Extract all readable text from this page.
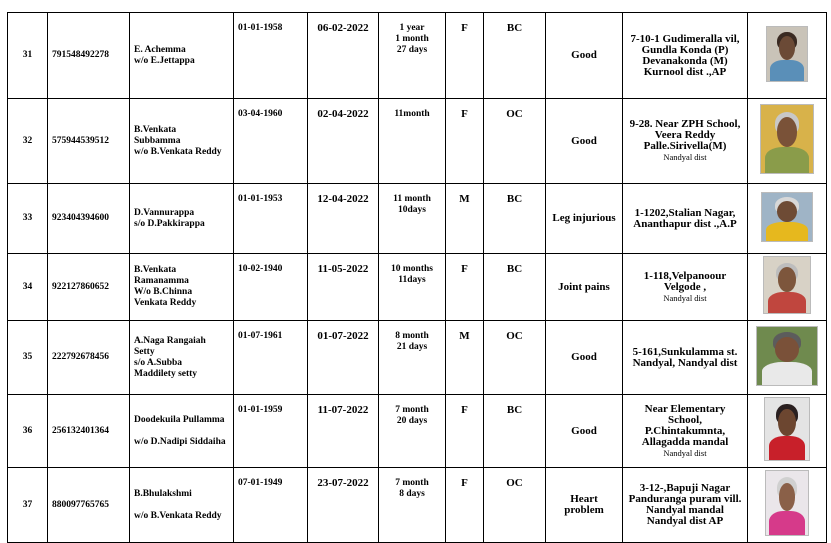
31	791548492278	E. Achemma
w/o E.Jettappa	01-01-1958	06-02-2022	1 year
1 month
27 days	F	BC	Good	7-10-1 Gudimeralla vil,
Gundla Konda (P)
Devanakonda (M)
Kurnool dist .,AP	

32	575944539512	B.Venkata
Subbamma
w/o B.Venkata Reddy	03-04-1960	02-04-2022	11month	F	OC	Good	9-28. Near ZPH School,
Veera Reddy
Palle.Sirivella(M)
Nandyal dist	

33	923404394600	D.Vannurappa
s/o D.Pakkirappa	01-01-1953	12-04-2022	11 month
10days	M	BC	Leg injurious	1-1202,Stalian Nagar,
Ananthapur dist .,A.P	

34	922127860652	B.Venkata
Ramanamma
W/o B.Chinna
Venkata Reddy	10-02-1940	11-05-2022	10 months
11days	F	BC	Joint pains	1-118,Velpanoour
Velgode ,
Nandyal dist	

35	222792678456	A.Naga Rangaiah
Setty
s/o A.Subba
Maddilety setty	01-07-1961	01-07-2022	8 month
21 days	M	OC	Good	5-161,Sunkulamma st.
Nandyal, Nandyal dist	

36	256132401364	Doodekuila Pullamma

w/o D.Nadipi Siddaiha	01-01-1959	11-07-2022	7 month
20 days	F	BC	Good	Near Elementary School,
P.Chintakumnta,
Allagadda mandal
Nandyal dist	

37	880097765765	B.Bhulakshmi

w/o B.Venkata Reddy	07-01-1949	23-07-2022	7 month
8 days	F	OC	Heart problem	3-12-,Bapuji Nagar
Panduranga puram vill.
Nandyal mandal
Nandyal dist AP	
